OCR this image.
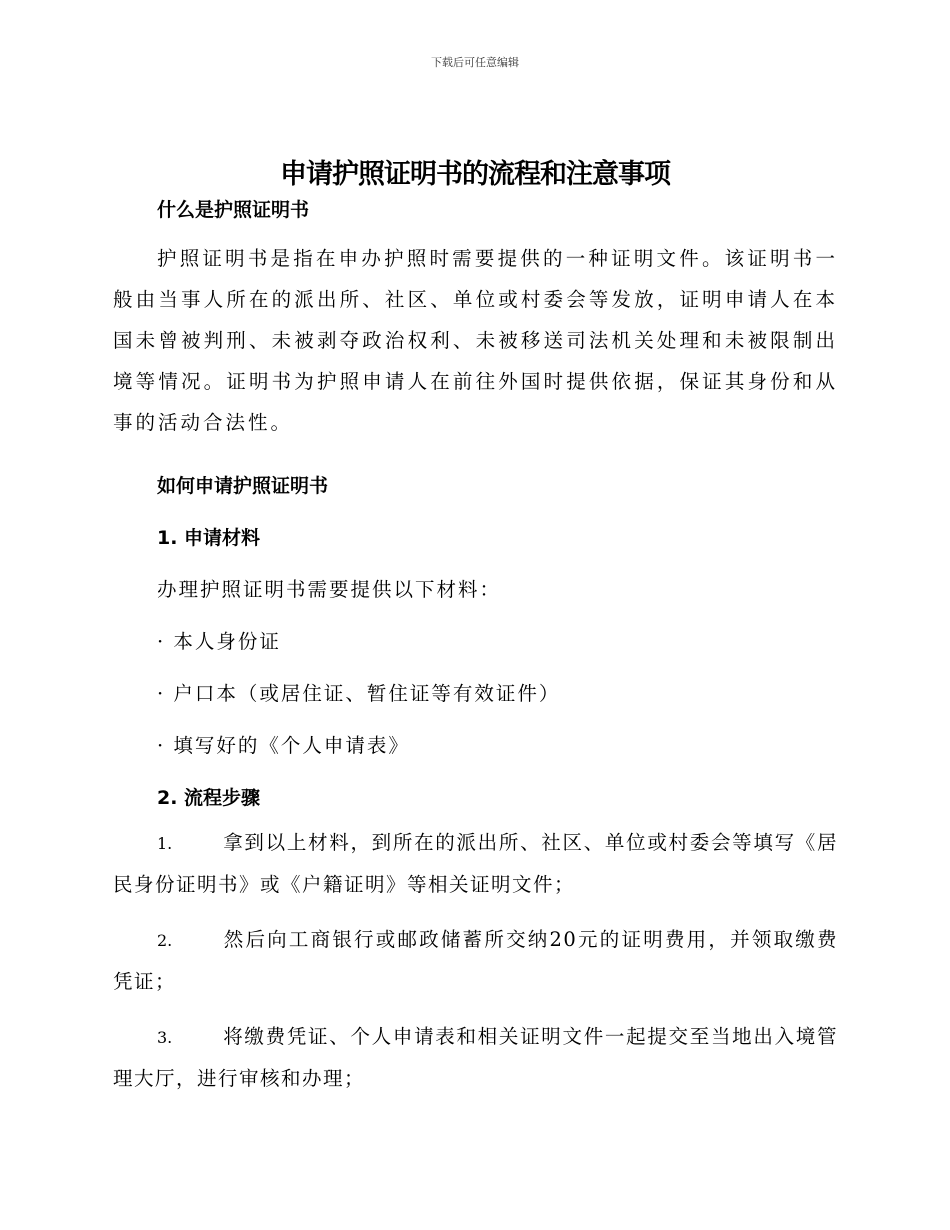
下载后可任意编辑
申请护照证明书的流程和注意事项
什么是护照证明书
护照证明书是指在申办护照时需要提供的一种证明文件。该证明书一般由当事人所在的派出所、社区、单位或村委会等发放，证明申请人在本国未曾被判刑、未被剥夺政治权利、未被移送司法机关处理和未被限制出境等情况。证明书为护照申请人在前往外国时提供依据，保证其身份和从事的活动合法性。
如何申请护照证明书
1. 申请材料
办理护照证明书需要提供以下材料：
· 本人身份证
· 户口本（或居住证、暂住证等有效证件）
· 填写好的《个人申请表》
2. 流程步骤
1.	拿到以上材料，到所在的派出所、社区、单位或村委会等填写《居民身份证明书》或《户籍证明》等相关证明文件；
2.	然后向工商银行或邮政储蓄所交纳20元的证明费用，并领取缴费凭证；
3.	将缴费凭证、个人申请表和相关证明文件一起提交至当地出入境管理大厅，进行审核和办理；
